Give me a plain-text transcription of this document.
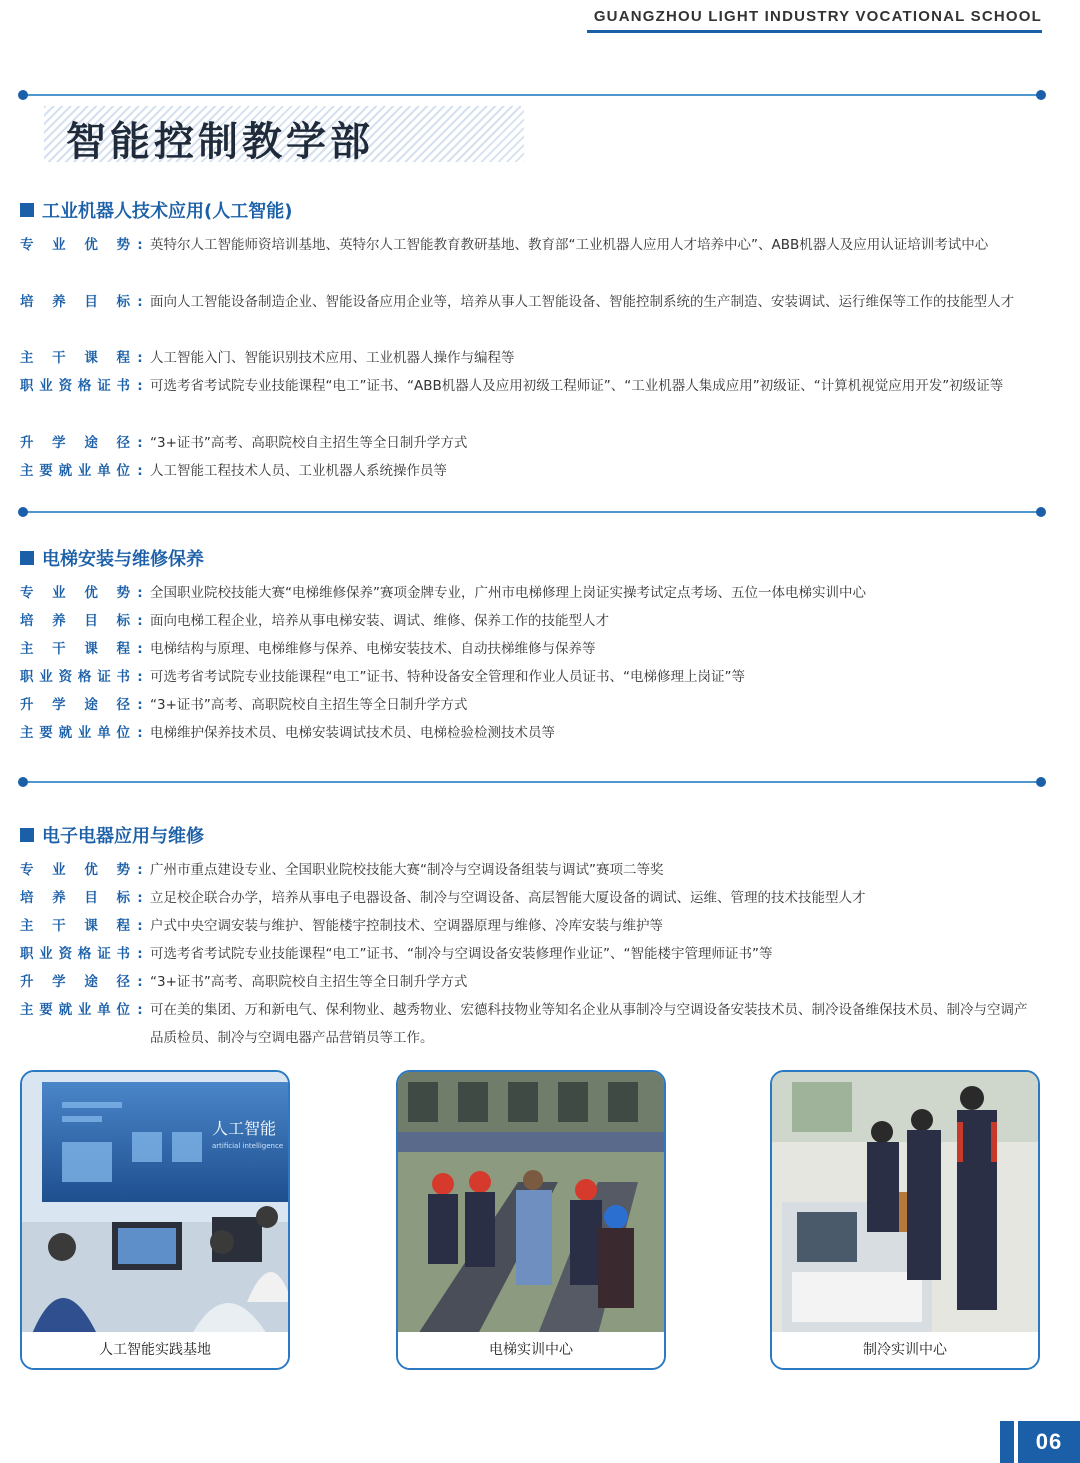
GUANGZHOU LIGHT INDUSTRY VOCATIONAL SCHOOL
智能控制教学部
工业机器人技术应用(人工智能)
专业优势 : 英特尔人工智能师资培训基地、英特尔人工智能教育教研基地、教育部“工业机器人应用人才培养中心”、ABB机器人及应用认证培训考试中心
培养目标 : 面向人工智能设备制造企业、智能设备应用企业等，培养从事人工智能设备、智能控制系统的生产制造、安装调试、运行维保等工作的技能型人才
主干课程 : 人工智能入门、智能识别技术应用、工业机器人操作与编程等
职业资格证书 : 可选考省考试院专业技能课程“电工”证书、“ABB机器人及应用初级工程师证”、“工业机器人集成应用”初级证、“计算机视觉应用开发”初级证等
升学途径 : “3+证书”高考、高职院校自主招生等全日制升学方式
主要就业单位 : 人工智能工程技术人员、工业机器人系统操作员等
电梯安装与维修保养
专业优势 : 全国职业院校技能大赛“电梯维修保养”赛项金牌专业，广州市电梯修理上岗证实操考试定点考场、五位一体电梯实训中心
培养目标 : 面向电梯工程企业，培养从事电梯安装、调试、维修、保养工作的技能型人才
主干课程 : 电梯结构与原理、电梯维修与保养、电梯安装技术、自动扶梯维修与保养等
职业资格证书 : 可选考省考试院专业技能课程“电工”证书、特种设备安全管理和作业人员证书、“电梯修理上岗证”等
升学途径 : “3+证书”高考、高职院校自主招生等全日制升学方式
主要就业单位 : 电梯维护保养技术员、电梯安装调试技术员、电梯检验检测技术员等
电子电器应用与维修
专业优势 : 广州市重点建设专业、全国职业院校技能大赛“制冷与空调设备组装与调试”赛项二等奖
培养目标 : 立足校企联合办学，培养从事电子电器设备、制冷与空调设备、高层智能大厦设备的调试、运维、管理的技术技能型人才
主干课程 : 户式中央空调安装与维护、智能楼宇控制技术、空调器原理与维修、冷库安装与维护等
职业资格证书 : 可选考省考试院专业技能课程“电工”证书、“制冷与空调设备安装修理作业证”、“智能楼宇管理师证书”等
升学途径 : “3+证书”高考、高职院校自主招生等全日制升学方式
主要就业单位 : 可在美的集团、万和新电气、保利物业、越秀物业、宏德科技物业等知名企业从事制冷与空调设备安装技术员、制冷设备维保技术员、制冷与空调产品质检员、制冷与空调电器产品营销员等工作。
人工智能
artificial intelligence
人工智能实践基地	电梯实训中心	制冷实训中心
06
